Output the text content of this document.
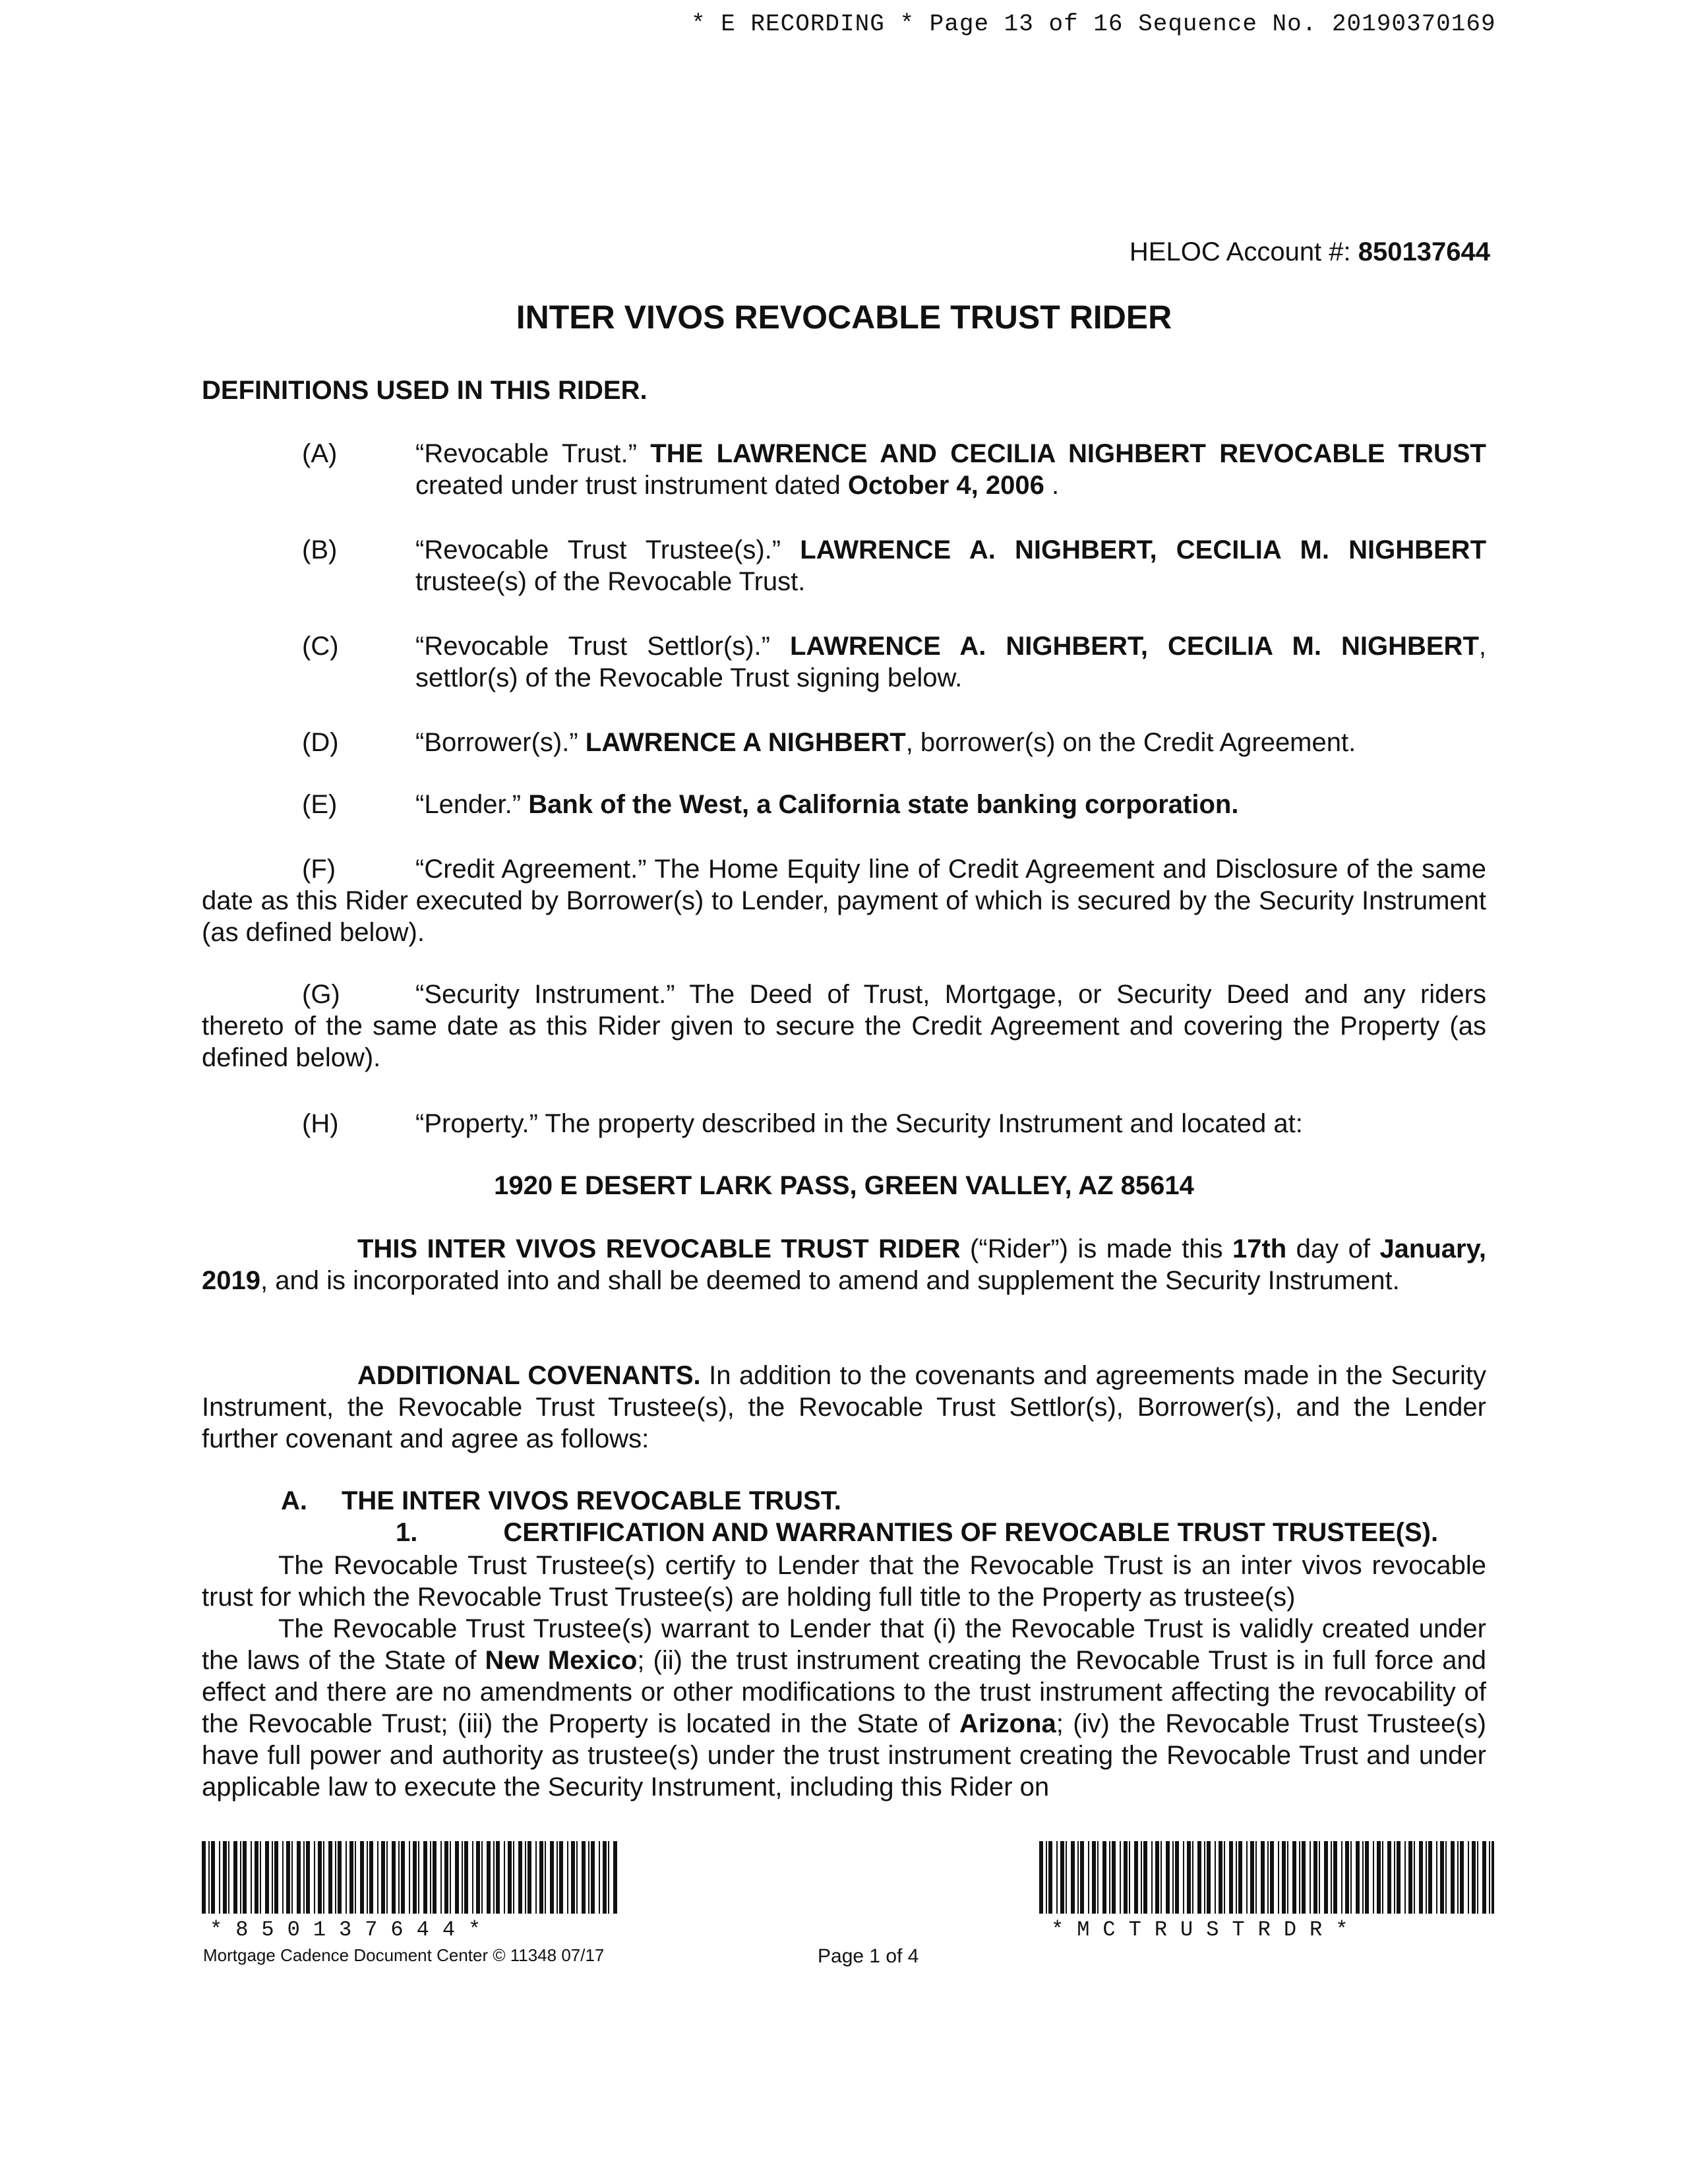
* E RECORDING * Page 13 of 16 Sequence No. 20190370169
HELOC Account #: 850137644
INTER VIVOS REVOCABLE TRUST RIDER
DEFINITIONS USED IN THIS RIDER.
(A)	“Revocable Trust.” THE LAWRENCE AND CECILIA NIGHBERT REVOCABLE TRUST created under trust instrument dated October 4, 2006 .
(B)	“Revocable Trust Trustee(s).” LAWRENCE A. NIGHBERT, CECILIA M. NIGHBERT trustee(s) of the Revocable Trust.
(C)	“Revocable Trust Settlor(s).” LAWRENCE A. NIGHBERT, CECILIA M. NIGHBERT, settlor(s) of the Revocable Trust signing below.
(D)	“Borrower(s).” LAWRENCE A NIGHBERT, borrower(s) on the Credit Agreement.
(E)	“Lender.” Bank of the West, a California state banking corporation.
(F)	“Credit Agreement.” The Home Equity line of Credit Agreement and Disclosure of the same date as this Rider executed by Borrower(s) to Lender, payment of which is secured by the Security Instrument (as defined below).
(G)	“Security Instrument.” The Deed of Trust, Mortgage, or Security Deed and any riders thereto of the same date as this Rider given to secure the Credit Agreement and covering the Property (as defined below).
(H)	“Property.” The property described in the Security Instrument and located at:
1920 E DESERT LARK PASS, GREEN VALLEY, AZ 85614
THIS INTER VIVOS REVOCABLE TRUST RIDER (“Rider”) is made this 17th day of January, 2019, and is incorporated into and shall be deemed to amend and supplement the Security Instrument.
ADDITIONAL COVENANTS. In addition to the covenants and agreements made in the Security Instrument, the Revocable Trust Trustee(s), the Revocable Trust Settlor(s), Borrower(s), and the Lender further covenant and agree as follows:
A. THE INTER VIVOS REVOCABLE TRUST.
1.	CERTIFICATION AND WARRANTIES OF REVOCABLE TRUST TRUSTEE(S).
The Revocable Trust Trustee(s) certify to Lender that the Revocable Trust is an inter vivos revocable trust for which the Revocable Trust Trustee(s) are holding full title to the Property as trustee(s)
The Revocable Trust Trustee(s) warrant to Lender that (i) the Revocable Trust is validly created under the laws of the State of New Mexico; (ii) the trust instrument creating the Revocable Trust is in full force and effect and there are no amendments or other modifications to the trust instrument affecting the revocability of the Revocable Trust; (iii) the Property is located in the State of Arizona; (iv) the Revocable Trust Trustee(s) have full power and authority as trustee(s) under the trust instrument creating the Revocable Trust and under applicable law to execute the Security Instrument, including this Rider on
*850137644*	*MCTRUSTRDR*
Mortgage Cadence Document Center © 11348 07/17	Page 1 of 4
